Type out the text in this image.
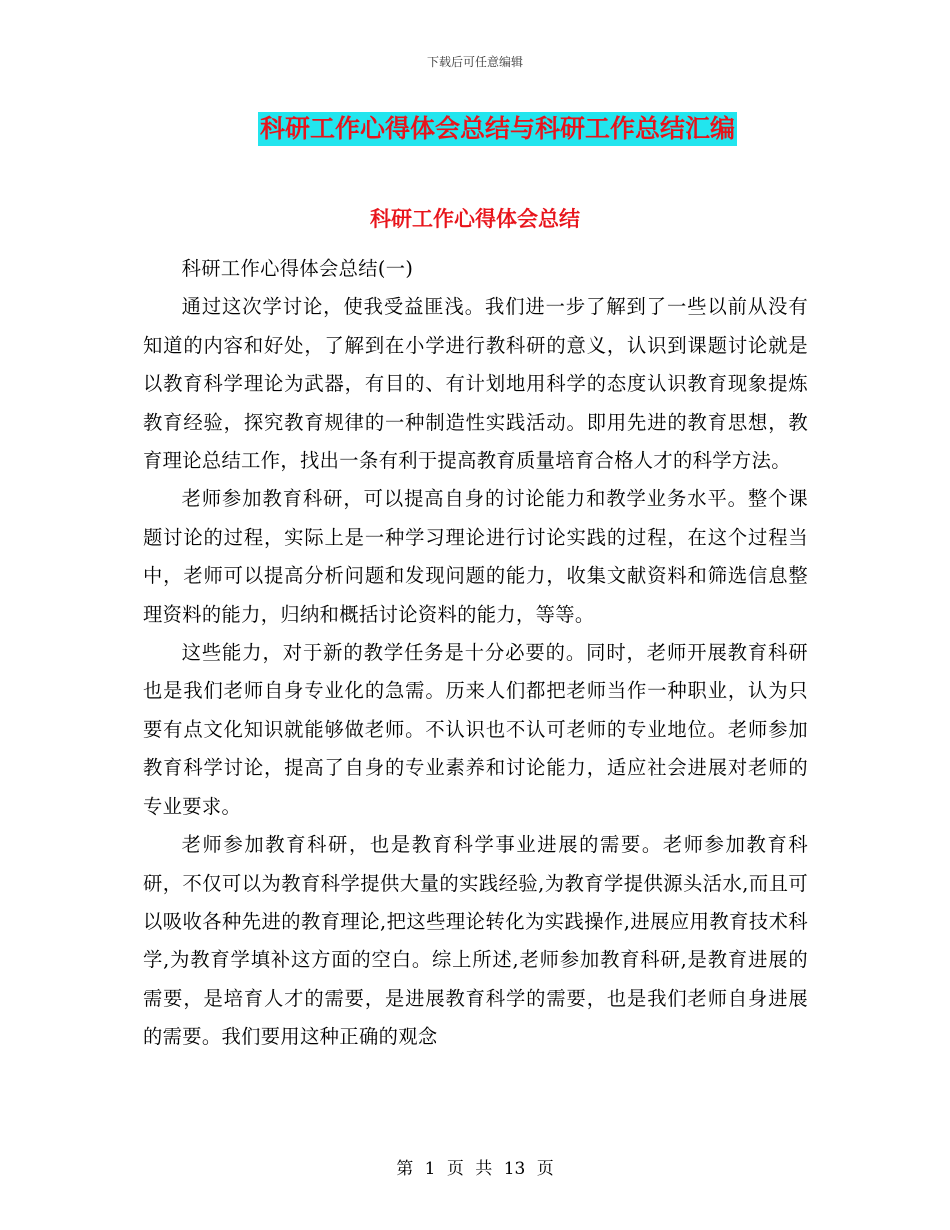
下载后可任意编辑
科研工作心得体会总结与科研工作总结汇编
科研工作心得体会总结

科研工作心得体会总结(一)

通过这次学讨论，使我受益匪浅。我们进一步了解到了一些以前从没有知道的内容和好处，了解到在小学进行教科研的意义，认识到课题讨论就是以教育科学理论为武器，有目的、有计划地用科学的态度认识教育现象提炼教育经验，探究教育规律的一种制造性实践活动。即用先进的教育思想，教育理论总结工作，找出一条有利于提高教育质量培育合格人才的科学方法。

老师参加教育科研，可以提高自身的讨论能力和教学业务水平。整个课题讨论的过程，实际上是一种学习理论进行讨论实践的过程，在这个过程当中，老师可以提高分析问题和发现问题的能力，收集文献资料和筛选信息整理资料的能力，归纳和概括讨论资料的能力，等等。

这些能力，对于新的教学任务是十分必要的。同时，老师开展教育科研也是我们老师自身专业化的急需。历来人们都把老师当作一种职业，认为只要有点文化知识就能够做老师。不认识也不认可老师的专业地位。老师参加教育科学讨论，提高了自身的专业素养和讨论能力，适应社会进展对老师的专业要求。

老师参加教育科研，也是教育科学事业进展的需要。老师参加教育科研，不仅可以为教育科学提供大量的实践经验,为教育学提供源头活水,而且可以吸收各种先进的教育理论,把这些理论转化为实践操作,进展应用教育技术科学,为教育学填补这方面的空白。综上所述,老师参加教育科研,是教育进展的需要，是培育人才的需要，是进展教育科学的需要，也是我们老师自身进展的需要。我们要用这种正确的观念

第 1 页 共 13 页
